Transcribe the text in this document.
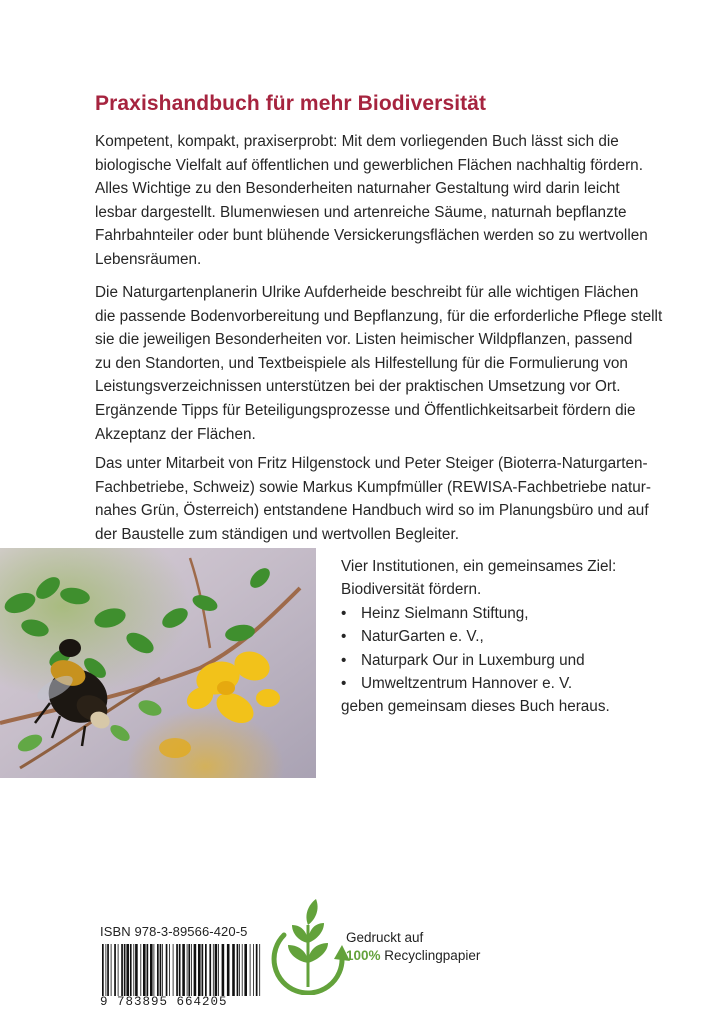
Praxishandbuch für mehr Biodiversität

Kompetent, kompakt, praxiserprobt: Mit dem vorliegenden Buch lässt sich die
biologische Vielfalt auf öffentlichen und gewerblichen Flächen nachhaltig fördern.
Alles Wichtige zu den Besonderheiten naturnaher Gestaltung wird darin leicht
lesbar dargestellt. Blumenwiesen und artenreiche Säume, naturnah bepflanzte
Fahrbahnteiler oder bunt blühende Versickerungsflächen werden so zu wertvollen
Lebensräumen.

Die Naturgartenplanerin Ulrike Aufderheide beschreibt für alle wichtigen Flächen
die passende Bodenvorbereitung und Bepflanzung, für die erforderliche Pflege stellt
sie die jeweiligen Besonderheiten vor. Listen heimischer Wildpflanzen, passend
zu den Standorten, und Textbeispiele als Hilfestellung für die Formulierung von
Leistungsverzeichnissen unterstützen bei der praktischen Umsetzung vor Ort.
Ergänzende Tipps für Beteiligungsprozesse und Öffentlichkeitsarbeit fördern die
Akzeptanz der Flächen.

Das unter Mitarbeit von Fritz Hilgenstock und Peter Steiger (Bioterra-Naturgarten-
Fachbetriebe, Schweiz) sowie Markus Kumpfmüller (REWISA-Fachbetriebe natur-
nahes Grün, Österreich) entstandene Handbuch wird so im Planungsbüro und auf
der Baustelle zum ständigen und wertvollen Begleiter.

Vier Institutionen, ein gemeinsames Ziel:
Biodiversität fördern.
• Heinz Sielmann Stiftung,
• NaturGarten e. V.,
• Naturpark Our in Luxemburg und
• Umweltzentrum Hannover e. V.
geben gemeinsam dieses Buch heraus.
ISBN 978-3-89566-420-5
9 783895 664205
Gedruckt auf
100% Recyclingpapier
